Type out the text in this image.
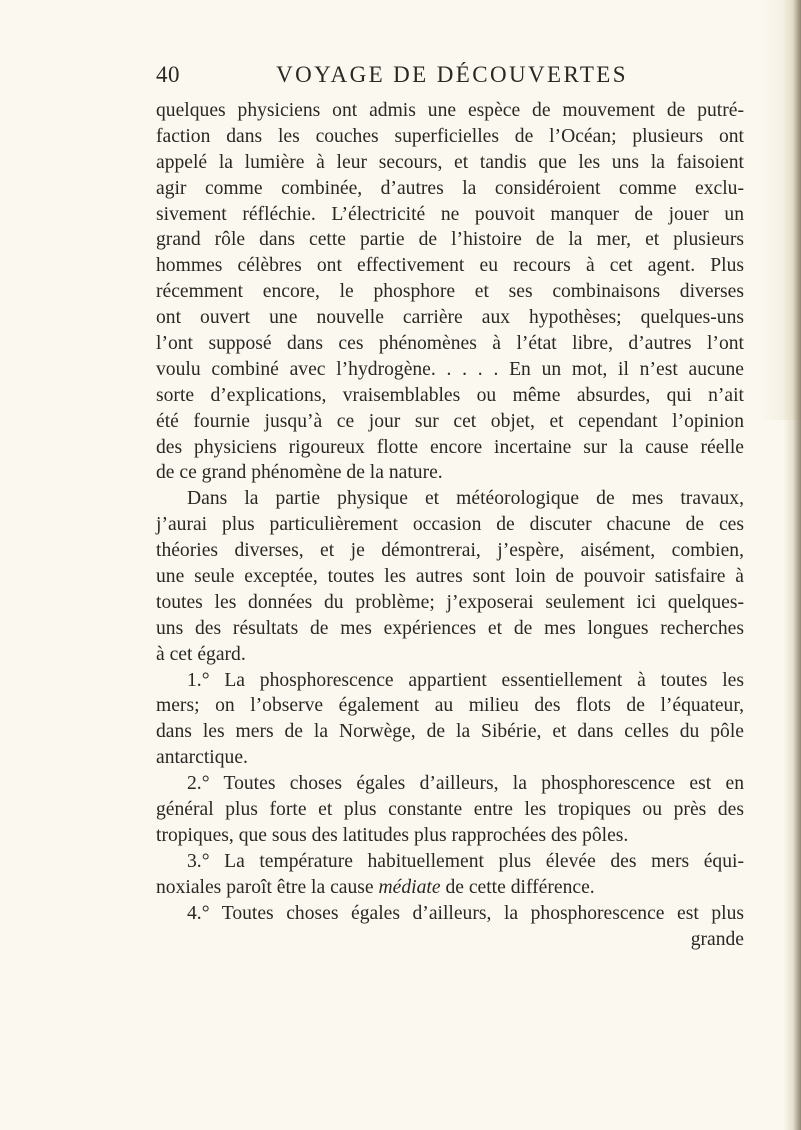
40	VOYAGE DE DÉCOUVERTES
quelques physiciens ont admis une espèce de mouvement de putré-
faction dans les couches superficielles de l’Océan; plusieurs ont
appelé la lumière à leur secours, et tandis que les uns la faisoient
agir comme combinée, d’autres la considéroient comme exclu-
sivement réfléchie. L’électricité ne pouvoit manquer de jouer un
grand rôle dans cette partie de l’histoire de la mer, et plusieurs
hommes célèbres ont effectivement eu recours à cet agent. Plus
récemment encore, le phosphore et ses combinaisons diverses
ont ouvert une nouvelle carrière aux hypothèses; quelques-uns
l’ont supposé dans ces phénomènes à l’état libre, d’autres l’ont
voulu combiné avec l’hydrogène. . . . . En un mot, il n’est aucune
sorte d’explications, vraisemblables ou même absurdes, qui n’ait
été fournie jusqu’à ce jour sur cet objet, et cependant l’opinion
des physiciens rigoureux flotte encore incertaine sur la cause réelle
de ce grand phénomène de la nature.
Dans la partie physique et météorologique de mes travaux,
j’aurai plus particulièrement occasion de discuter chacune de ces
théories diverses, et je démontrerai, j’espère, aisément, combien,
une seule exceptée, toutes les autres sont loin de pouvoir satisfaire à
toutes les données du problème; j’exposerai seulement ici quelques-
uns des résultats de mes expériences et de mes longues recherches
à cet égard.
1.° La phosphorescence appartient essentiellement à toutes les
mers; on l’observe également au milieu des flots de l’équateur,
dans les mers de la Norwège, de la Sibérie, et dans celles du pôle
antarctique.
2.° Toutes choses égales d’ailleurs, la phosphorescence est en
général plus forte et plus constante entre les tropiques ou près des
tropiques, que sous des latitudes plus rapprochées des pôles.
3.° La température habituellement plus élevée des mers équi-
noxiales paroît être la cause médiate de cette différence.
4.° Toutes choses égales d’ailleurs, la phosphorescence est plus
grande
